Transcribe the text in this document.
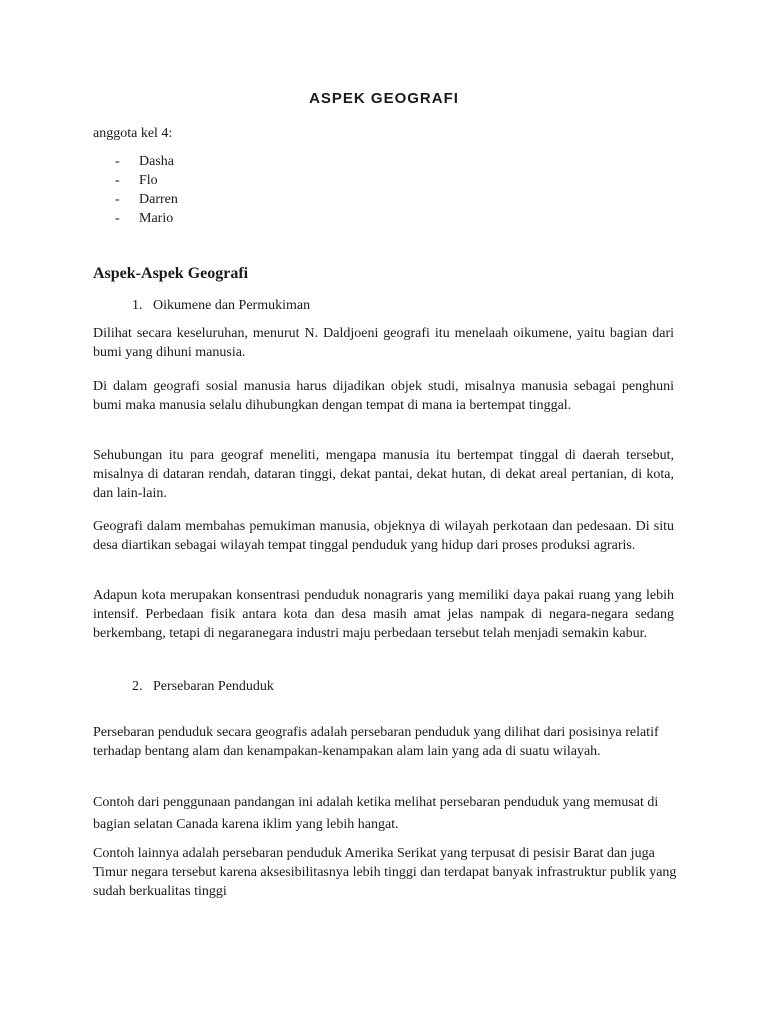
ASPEK GEOGRAFI
anggota kel 4:
-	Dasha
-	Flo
-	Darren
-	Mario
Aspek-Aspek Geografi
1. Oikumene dan Permukiman
Dilihat secara keseluruhan, menurut N. Daldjoeni geografi itu menelaah oikumene, yaitu bagian dari bumi yang dihuni manusia.
Di dalam geografi sosial manusia harus dijadikan objek studi, misalnya manusia sebagai penghuni bumi maka manusia selalu dihubungkan dengan tempat di mana ia bertempat tinggal.
Sehubungan itu para geograf meneliti, mengapa manusia itu bertempat tinggal di daerah tersebut, misalnya di dataran rendah, dataran tinggi, dekat pantai, dekat hutan, di dekat areal pertanian, di kota, dan lain-lain.
Geografi dalam membahas pemukiman manusia, objeknya di wilayah perkotaan dan pedesaan. Di situ desa diartikan sebagai wilayah tempat tinggal penduduk yang hidup dari proses produksi agraris.
Adapun kota merupakan konsentrasi penduduk nonagraris yang memiliki daya pakai ruang yang lebih intensif. Perbedaan fisik antara kota dan desa masih amat jelas nampak di negara-negara sedang berkembang, tetapi di negaranegara industri maju perbedaan tersebut telah menjadi semakin kabur.
2. Persebaran Penduduk
Persebaran penduduk secara geografis adalah persebaran penduduk yang dilihat dari posisinya relatif terhadap bentang alam dan kenampakan-kenampakan alam lain yang ada di suatu wilayah.
Contoh dari penggunaan pandangan ini adalah ketika melihat persebaran penduduk yang memusat di bagian selatan Canada karena iklim yang lebih hangat.
Contoh lainnya adalah persebaran penduduk Amerika Serikat yang terpusat di pesisir Barat dan juga Timur negara tersebut karena aksesibilitasnya lebih tinggi dan terdapat banyak infrastruktur publik yang sudah berkualitas tinggi
